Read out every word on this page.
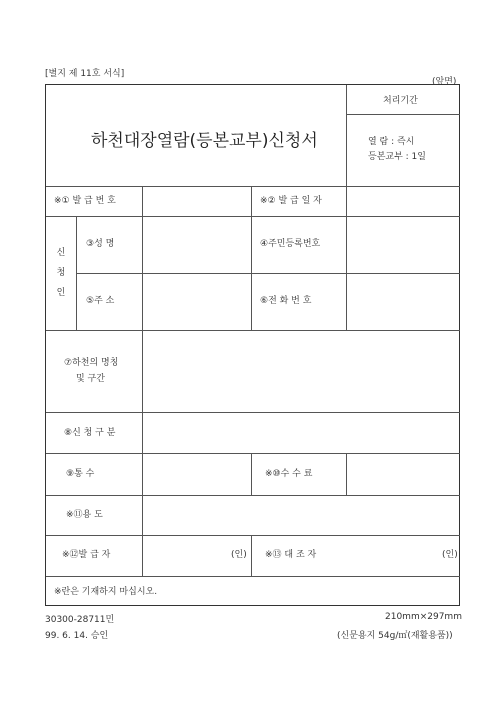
[별지 제 11호 서식]
(앞면)
하천대장열람(등본교부)신청서
처리기간
열 람 : 즉시
등본교부 : 1일
※① 발 급 번 호	※② 발 급 일 자
신
청
인
③성 명	④주민등록번호
⑤주 소	⑥전 화 번 호
⑦하천의 명칭
및 구간
⑧신 청 구 분
⑨통 수	※⑩수 수 료
※⑪용 도
※⑫발 급 자	(인) ※⑬ 대 조 자	(인)
※란은 기재하지 마십시오.
30300-28711민	210mm×297mm
99. 6. 14. 승인	(신문용지 54g/㎡(재활용품))
